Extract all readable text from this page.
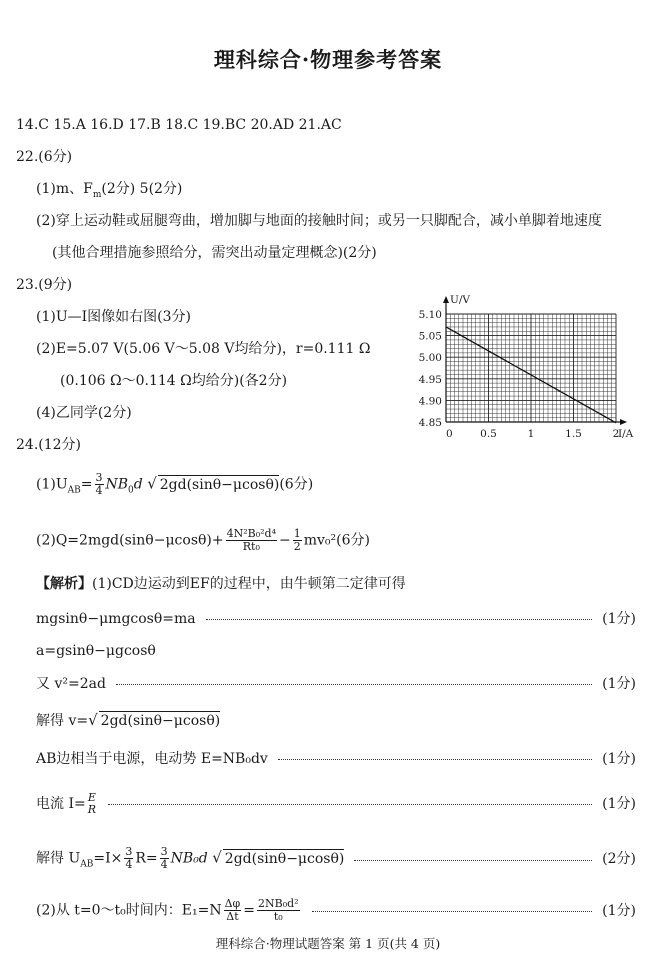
理科综合·物理参考答案
14.C 15.A 16.D 17.B 18.C 19.BC 20.AD 21.AC
22.(6分)
(1)m、$F_m(2$分) 5(2分)
(2)穿上运动鞋或屈腿弯曲，增加脚与地面的接触时间；或另一只脚配合，减小单脚着地速度
(其他合理措施参照给分，需突出动量定理概念)(2分)
23.(9分)
(1)U—I图像如右图(3分)
(2)E=5.07 V(5.06 V～5.08 V均给分)，r=0.111 Ω
(0.106 Ω～0.114 Ω均给分)(各2分)
(4)乙同学(2分)
U/V
I/A
5.10
5.05
5.00
4.95
4.90
4.85
0	0.5	1	1.5	2
24.(12分)
$(1)U_{AB}= \frac{3}{4} NB_0d$ √ 2gd(sinθ−μcosθ)(6分)
$(2)Q=2mgd(\sin\theta-\mu\cos\theta)+ \frac{\text{4N²B₀²d⁴}}{\text{Rt₀}} - \frac{1}{2} mv_0^2(6$分)
【解析】(1)CD边运动到EF的过程中，由牛顿第二定律可得
mgsinθ−μmgcosθ=ma	(1分)
a=gsinθ−μgcosθ
又 v²=2ad	(1分)
解得 v=√ 2gd(sinθ−μcosθ)
AB边相当于电源，电动势 E=NB₀dv	(1分)
电流 I= E
R	(1分)
解得 $U_{AB}=I\times \frac{3}{4} R= \frac{3}{4} NB_0d$ √ 2gd(sinθ−μcosθ)	(2分)
(2)从 t=0～t₀时间内：$E_1=N \frac{\Delta\varphi}{\Delta t} = \frac{\text{2NB₀d²}}{\text{t₀}}$	(1分)
理科综合·物理试题答案 第 1 页(共 4 页)
